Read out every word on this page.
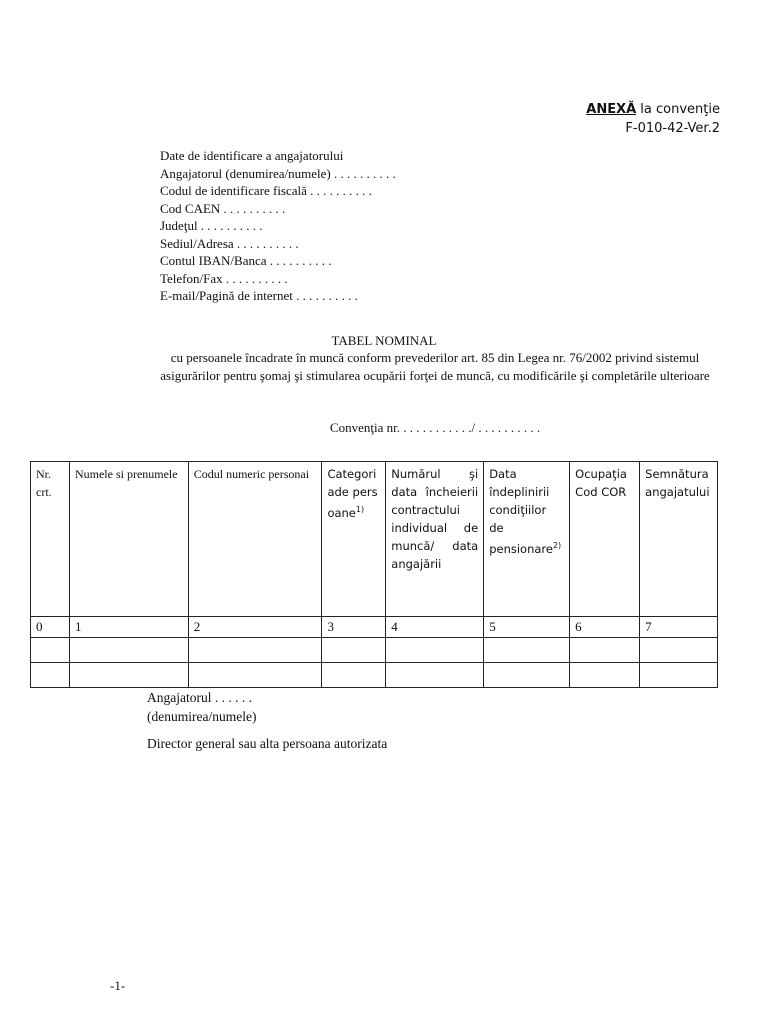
ANEXĂ la convenţie
F-010-42-Ver.2
Date de identificare a angajatorului
Angajatorul (denumirea/numele) . . . . . . . . . .
Codul de identificare fiscală . . . . . . . . . .
Cod CAEN . . . . . . . . . .
Judeţul . . . . . . . . . .
Sediul/Adresa . . . . . . . . . .
Contul IBAN/Banca . . . . . . . . . .
Telefon/Fax . . . . . . . . . .
E-mail/Pagină de internet . . . . . . . . . .
TABEL NOMINAL
cu persoanele încadrate în muncă conform prevederilor art. 85 din Legea nr. 76/2002 privind sistemul asigurărilor pentru şomaj şi stimularea ocupării forţei de muncă, cu modificările şi completările ulterioare
Convenţia nr. . . . . . . . . . . ./ . . . . . . . . . .
Nr. crt.	Numele si prenumele	Codul numeric personai	Categoriade persoane$^{1)}$	Numărul şi data încheierii contractului individual de muncă/ data angajării	Data îndeplinirii condiţiilor de pensionare$^{2)}$	Ocupaţia Cod COR	Semnătura angajatului
0	1	2	3	4	5	6	7

Angajatorul . . . . . .
(denumirea/numele)
Director general sau alta persoana autorizata
-1-
